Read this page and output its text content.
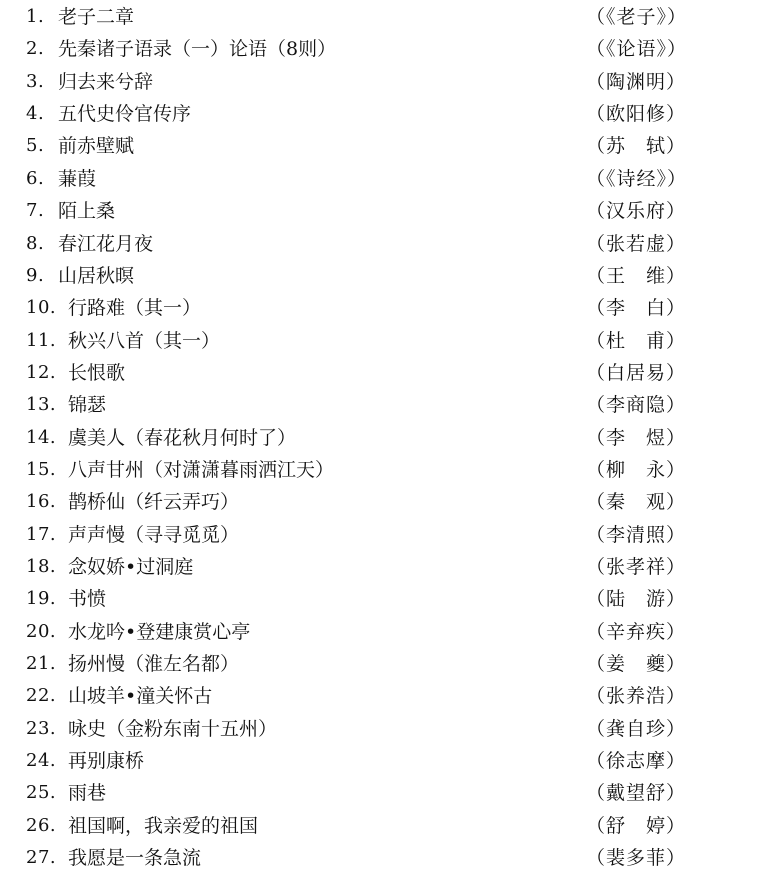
1. 老子二章	（《老子》）
2. 先秦诸子语录（一）论语（8则）	（《论语》）
3. 归去来兮辞	（陶渊明）
4. 五代史伶官传序	（欧阳修）
5. 前赤壁赋	（苏　轼）
6. 蒹葭	（《诗经》）
7. 陌上桑	（汉乐府）
8. 春江花月夜	（张若虚）
9. 山居秋暝	（王　维）
10. 行路难（其一）	（李　白）
11. 秋兴八首（其一）	（杜　甫）
12. 长恨歌	（白居易）
13. 锦瑟	（李商隐）
14. 虞美人（春花秋月何时了）	（李　煜）
15. 八声甘州（对潇潇暮雨洒江天）	（柳　永）
16. 鹊桥仙（纤云弄巧）	（秦　观）
17. 声声慢（寻寻觅觅）	（李清照）
18. 念奴娇•过洞庭	（张孝祥）
19. 书愤	（陆　游）
20. 水龙吟•登建康赏心亭	（辛弃疾）
21. 扬州慢（淮左名都）	（姜　夔）
22. 山坡羊•潼关怀古	（张养浩）
23. 咏史（金粉东南十五州）	（龚自珍）
24. 再别康桥	（徐志摩）
25. 雨巷	（戴望舒）
26. 祖国啊，我亲爱的祖国	（舒　婷）
27. 我愿是一条急流	（裴多菲）
